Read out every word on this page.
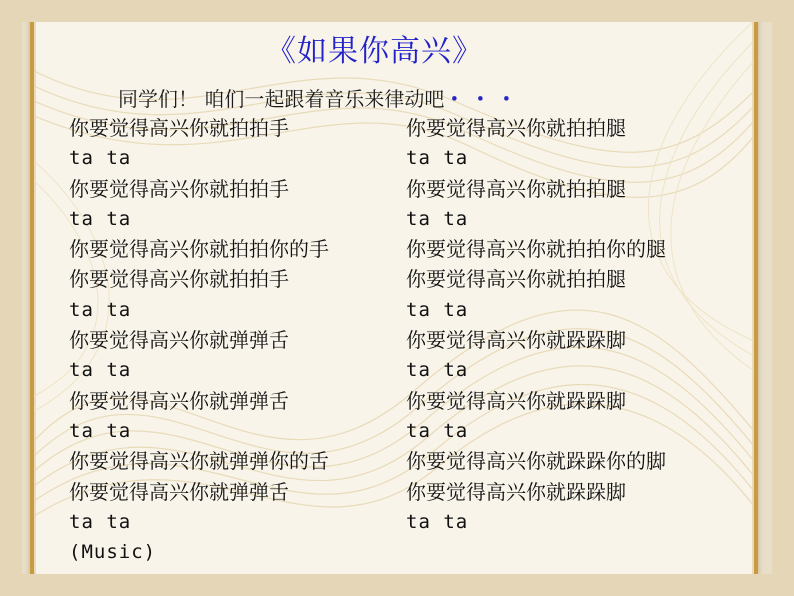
《如果你高兴》
同学们！ 咱们一起跟着音乐来律动吧・・・
你要觉得高兴你就拍拍手
ta ta
你要觉得高兴你就拍拍手
ta ta
你要觉得高兴你就拍拍你的手
你要觉得高兴你就拍拍手
ta ta
你要觉得高兴你就弹弹舌
ta ta
你要觉得高兴你就弹弹舌
ta ta
你要觉得高兴你就弹弹你的舌
你要觉得高兴你就弹弹舌
ta ta
(Music)
你要觉得高兴你就拍拍腿
ta ta
你要觉得高兴你就拍拍腿
ta ta
你要觉得高兴你就拍拍你的腿
你要觉得高兴你就拍拍腿
ta ta
你要觉得高兴你就跺跺脚
ta ta
你要觉得高兴你就跺跺脚
ta ta
你要觉得高兴你就跺跺你的脚
你要觉得高兴你就跺跺脚
ta ta
